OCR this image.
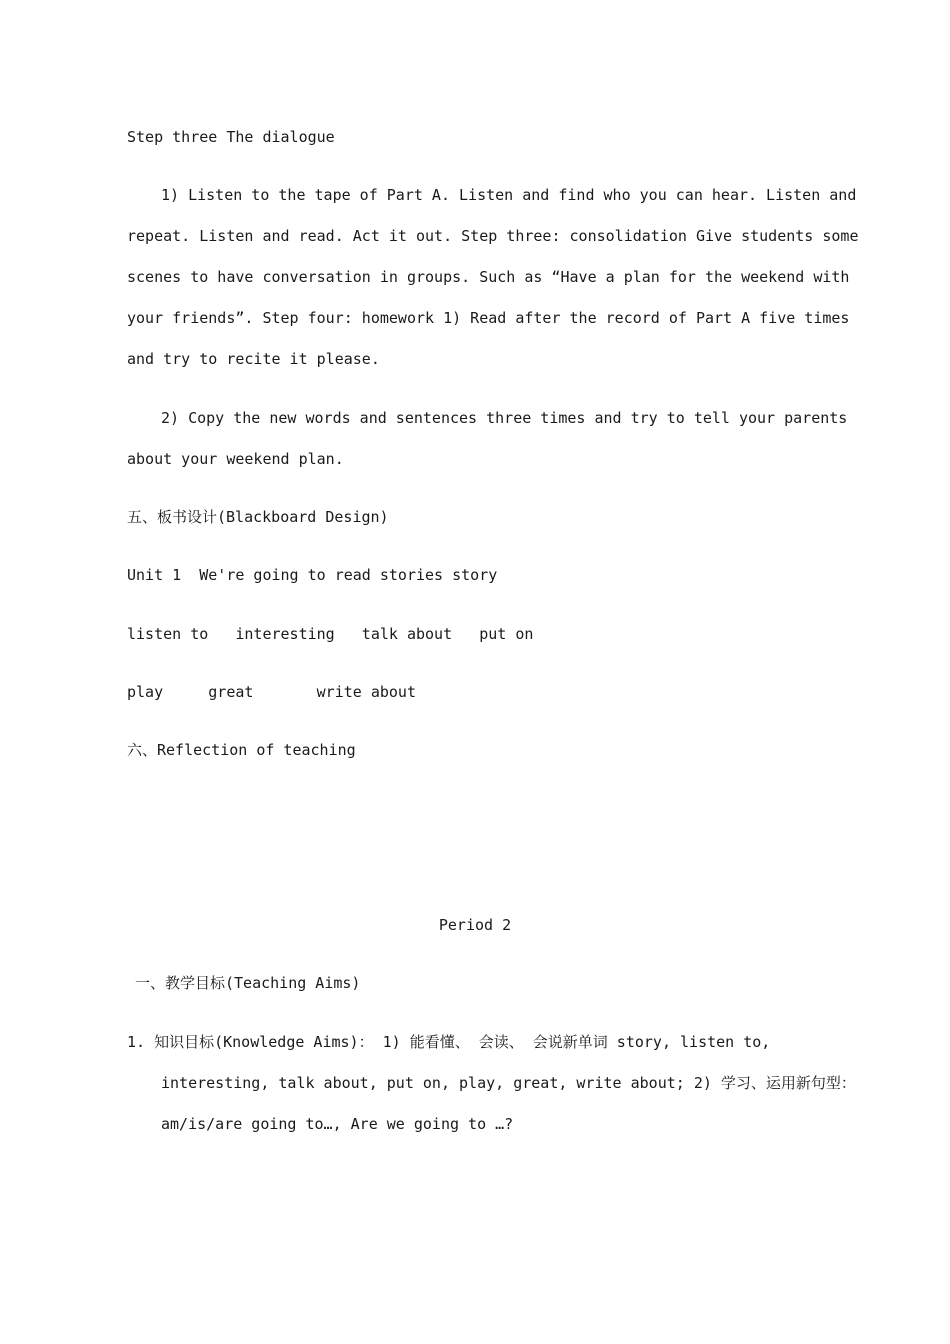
Step three The dialogue
1) Listen to the tape of Part A. Listen and find who you can hear. Listen and
repeat. Listen and read. Act it out. Step three: consolidation Give students some
scenes to have conversation in groups. Such as “Have a plan for the weekend with
your friends”. Step four: homework 1) Read after the record of Part A five times
and try to recite it please.
2) Copy the new words and sentences three times and try to tell your parents
about your weekend plan.
五、板书设计(Blackboard Design)
Unit 1  We're going to read stories story
listen to   interesting   talk about   put on
play     great       write about
六、Reflection of teaching
Period 2
一、教学目标(Teaching Aims)
1. 知识目标(Knowledge Aims)： 1) 能看懂、 会读、 会说新单词 story, listen to,
interesting, talk about, put on, play, great, write about; 2) 学习、运用新句型：
am/is/are going to…, Are we going to …?
